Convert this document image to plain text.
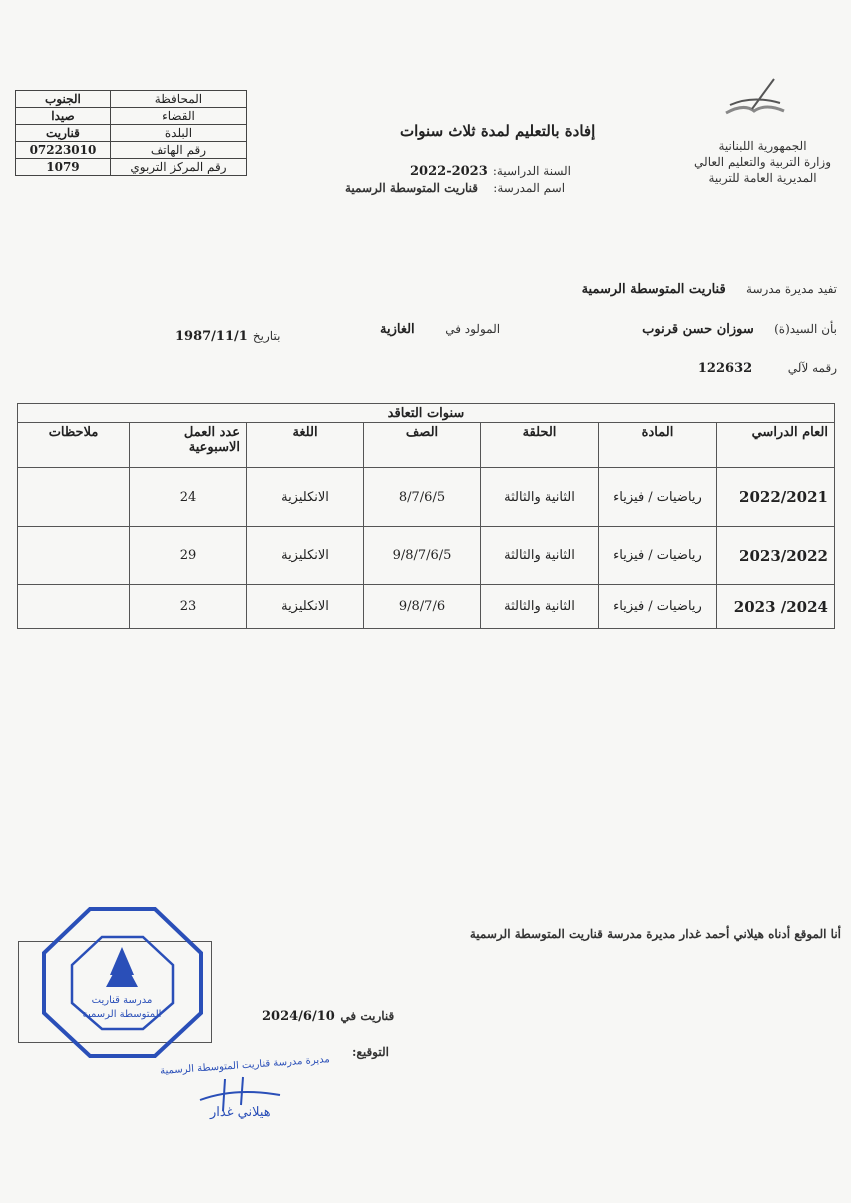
الجمهورية اللبنانية
وزارة التربية والتعليم العالي
المديرية العامة للتربية
إفادة بالتعليم لمدة ثلاث سنوات
السنة الدراسية: 2023-2022
اسم المدرسة:   قناريت المتوسطة الرسمية
المحافظة	الجنوب
القضاء	صيدا
البلدة	قناريت
رقم الهاتف	07223010
رقم المركز التربوي	1079
تفيد مديرة مدرسة    قناريت المتوسطة الرسمية
بأن السيد(ة)    سوزان حسن قرنوب
المولود في      الغازية
بتاريخ 1987/11/1
رقمه لآلي       122632
سنوات التعاقد						
العام الدراسي	المادة	الحلقة	الصف	اللغة	عدد العمل الاسبوعية	ملاحظات
2022/2021	رياضيات / فيزياء	الثانية والثالثة	8/7/6/5	الانكليزية	24	
2023/2022	رياضيات / فيزياء	الثانية والثالثة	9/8/7/6/5	الانكليزية	29	
2024/ 2023	رياضيات / فيزياء	الثانية والثالثة	9/8/7/6	الانكليزية	23	
أنا الموقع أدناه هيلاني أحمد غدار مديرة مدرسة قناريت المتوسطة الرسمية
قناريت في 2024/6/10
التوقيع:
مدرسة قناريت
المتوسطة الرسمية
مديرة مدرسة قناريت المتوسطة الرسمية
هيلاني غدار
